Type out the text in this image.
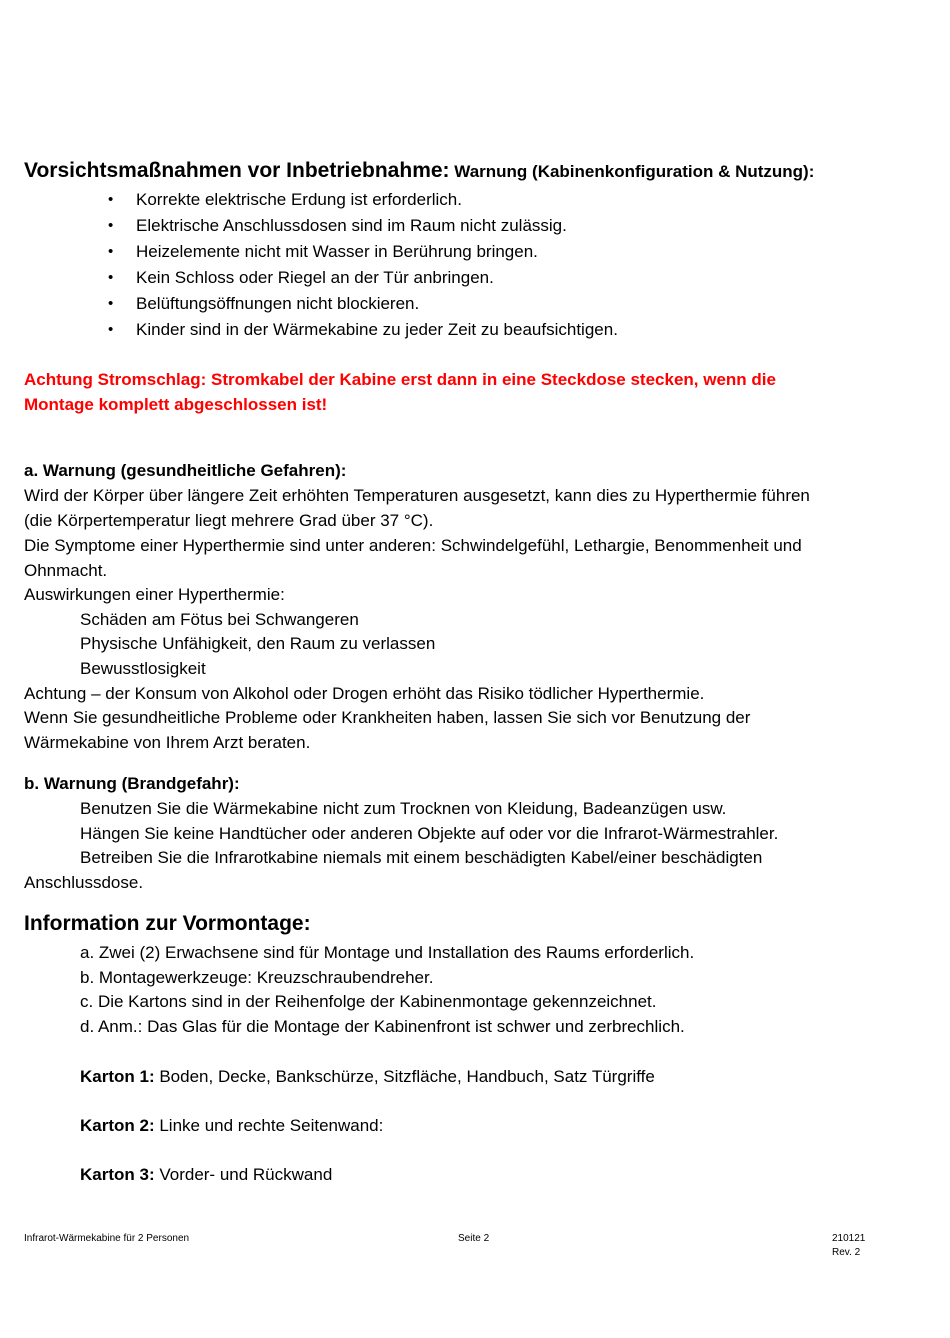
Vorsichtsmaßnahmen vor Inbetriebnahme: Warnung (Kabinenkonfiguration & Nutzung):
•	Korrekte elektrische Erdung ist erforderlich.
•	Elektrische Anschlussdosen sind im Raum nicht zulässig.
•	Heizelemente nicht mit Wasser in Berührung bringen.
•	Kein Schloss oder Riegel an der Tür anbringen.
•	Belüftungsöffnungen nicht blockieren.
•	Kinder sind in der Wärmekabine zu jeder Zeit zu beaufsichtigen.
Achtung Stromschlag: Stromkabel der Kabine erst dann in eine Steckdose stecken, wenn die
Montage komplett abgeschlossen ist!
a. Warnung (gesundheitliche Gefahren):
Wird der Körper über längere Zeit erhöhten Temperaturen ausgesetzt, kann dies zu Hyperthermie führen
(die Körpertemperatur liegt mehrere Grad über 37 °C).
Die Symptome einer Hyperthermie sind unter anderen: Schwindelgefühl, Lethargie, Benommenheit und
Ohnmacht.
Auswirkungen einer Hyperthermie:
Schäden am Fötus bei Schwangeren
Physische Unfähigkeit, den Raum zu verlassen
Bewusstlosigkeit
Achtung – der Konsum von Alkohol oder Drogen erhöht das Risiko tödlicher Hyperthermie.
Wenn Sie gesundheitliche Probleme oder Krankheiten haben, lassen Sie sich vor Benutzung der
Wärmekabine von Ihrem Arzt beraten.
b. Warnung (Brandgefahr):
Benutzen Sie die Wärmekabine nicht zum Trocknen von Kleidung, Badeanzügen usw.
Hängen Sie keine Handtücher oder anderen Objekte auf oder vor die Infrarot-Wärmestrahler.
Betreiben Sie die Infrarotkabine niemals mit einem beschädigten Kabel/einer beschädigten
Anschlussdose.
Information zur Vormontage:
a. Zwei (2) Erwachsene sind für Montage und Installation des Raums erforderlich.
b. Montagewerkzeuge: Kreuzschraubendreher.
c. Die Kartons sind in der Reihenfolge der Kabinenmontage gekennzeichnet.
d. Anm.: Das Glas für die Montage der Kabinenfront ist schwer und zerbrechlich.
Karton 1: Boden, Decke, Bankschürze, Sitzfläche, Handbuch, Satz Türgriffe
Karton 2: Linke und rechte Seitenwand:
Karton 3: Vorder- und Rückwand
Infrarot-Wärmekabine für 2 Personen	Seite 2	210121
Rev. 2
